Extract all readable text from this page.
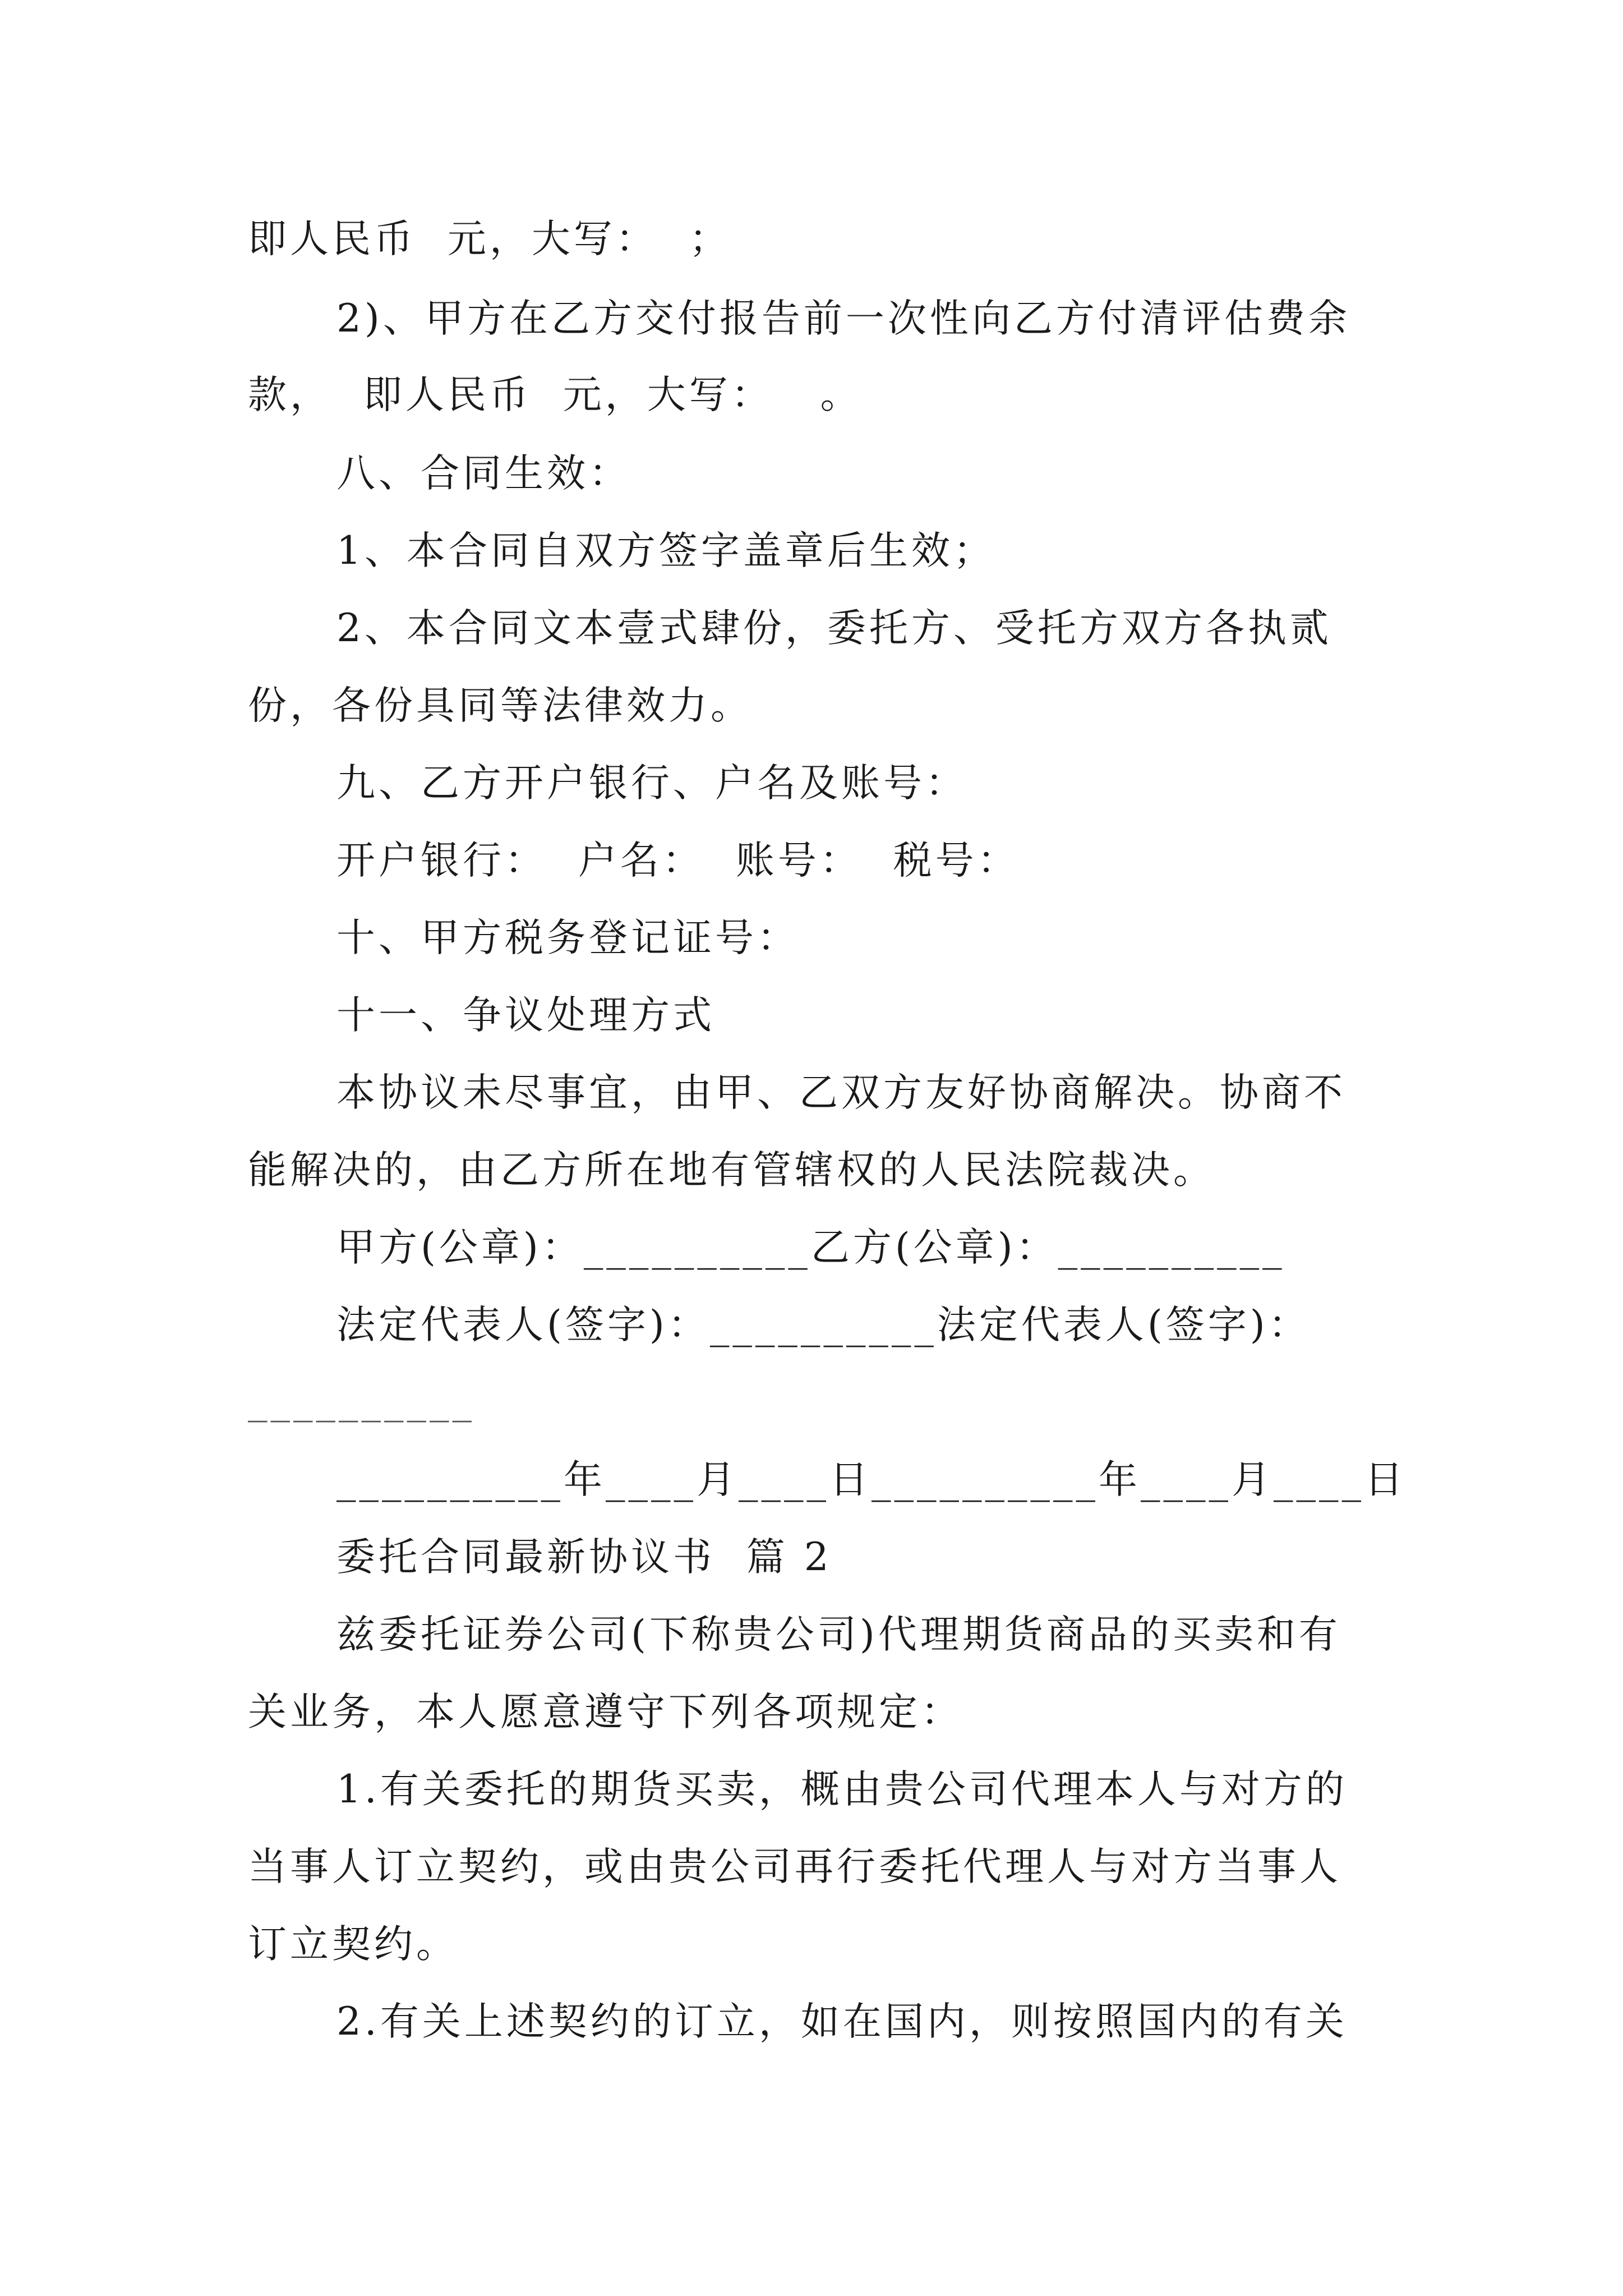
即人民币  元，大写：  ；
2)、甲方在乙方交付报告前一次性向乙方付清评估费余
款，  即人民币  元，大写：   。
八、合同生效：
1、本合同自双方签字盖章后生效；
2、本合同文本壹式肆份，委托方、受托方双方各执贰
份，各份具同等法律效力。
九、乙方开户银行、户名及账号：
开户银行：  户名：  账号：  税号：
十、甲方税务登记证号：
十一、争议处理方式
本协议未尽事宜，由甲、乙双方友好协商解决。协商不
能解决的，由乙方所在地有管辖权的人民法院裁决。
甲方(公章)：__________乙方(公章)：__________
法定代表人(签字)：__________法定代表人(签字)：
__________
__________年____月____日__________年____月____日
委托合同最新协议书  篇 2
兹委托证券公司(下称贵公司)代理期货商品的买卖和有
关业务，本人愿意遵守下列各项规定：
1.有关委托的期货买卖，概由贵公司代理本人与对方的
当事人订立契约，或由贵公司再行委托代理人与对方当事人
订立契约。
2.有关上述契约的订立，如在国内，则按照国内的有关
